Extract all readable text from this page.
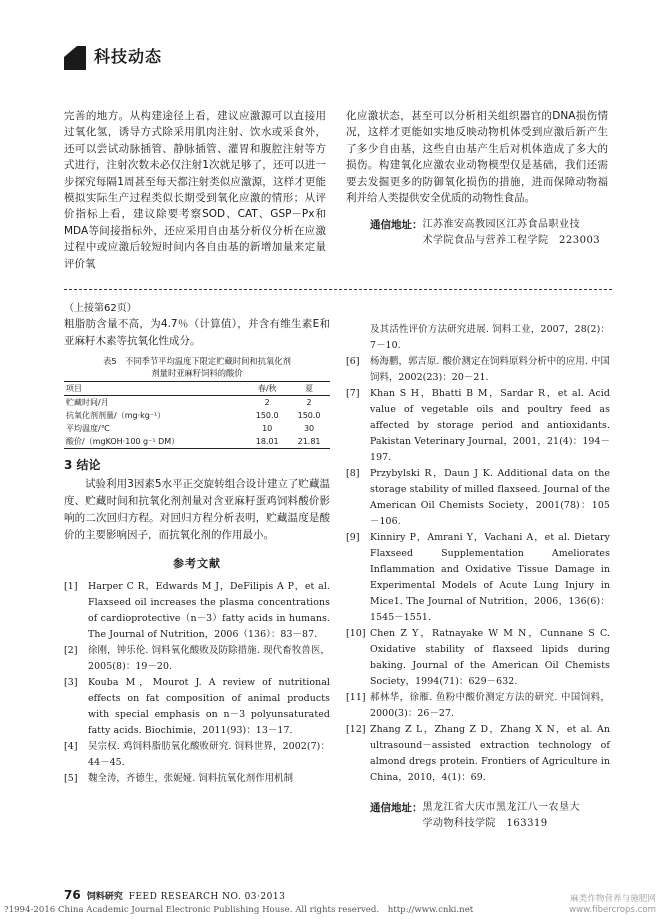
科技动态

完善的地方。从构建途径上看，建议应激源可以直接用过氧化氢，诱导方式除采用肌肉注射、饮水或采食外，还可以尝试动脉插管、静脉插管、灌胃和腹腔注射等方式进行，注射次数未必仅注射1次就足够了，还可以进一步探究每隔1周甚至每天都注射类似应激源，这样才更能模拟实际生产过程类似长期受到氧化应激的情形；从评价指标上看，建议除要考察SOD、CAT、GSP－Px和MDA等间接指标外，还应采用自由基分析仪分析在应激过程中或应激后较短时间内各自由基的新增加量来定量评价氧

化应激状态，甚至可以分析相关组织器官的DNA损伤情况，这样才更能如实地反映动物机体受到应激后新产生了多少自由基，这些自由基产生后对机体造成了多大的损伤。构建氧化应激农业动物模型仅是基础，我们还需要去发掘更多的防御氧化损伤的措施，进而保障动物福利并给人类提供安全优质的动物性食品。

通信地址： 江苏淮安高教园区江苏食品职业技
术学院食品与营养工程学院　223003
（上接第62页）

粗脂肪含量不高，为4.7％（计算值），并含有维生素E和亚麻籽木素等抗氧化性成分。

表5　不同季节平均温度下限定贮藏时间和抗氧化剂
剂量时亚麻籽饲料的酸价
项目	春/秋	夏
贮藏时间/月	2	2
抗氧化剂剂量/（mg·kg⁻¹）	150.0	150.0
平均温度/℃	10	30
酸价/（mgKOH·100 g⁻¹ DM）	18.01	21.81
3 结论

试验利用3因素5水平正交旋转组合设计建立了贮藏温度、贮藏时间和抗氧化剂剂量对含亚麻籽蛋鸡饲料酸价影响的二次回归方程。对回归方程分析表明，贮藏温度是酸价的主要影响因子，而抗氧化剂的作用最小。

参考文献

[1] Harper C R，Edwards M J，DeFilipis A P，et al. Flaxseed oil increases the plasma concentrations of cardioprotective（n－3）fatty acids in humans. The Journal of Nutrition，2006（136）：83－87.

[2] 徐刚，钟乐伦. 饲料氧化酸败及防除措施. 现代畜牧兽医，2005(8)：19－20.

[3] Kouba M，Mourot J. A review of nutritional effects on fat composition of animal products with special emphasis on n－3 polyunsaturated fatty acids. Biochimie，2011(93)：13－17.

[4] 吴宗权. 鸡饲料脂肪氧化酸败研究. 饲料世界，2002(7)：44－45.

[5] 魏全涛，齐德生，张妮娅. 饲料抗氧化剂作用机制

及其活性评价方法研究进展. 饲料工业，2007，28(2)：7－10.

[6] 杨海鹏，郭吉原. 酸价测定在饲料原料分析中的应用. 中国饲料，2002(23)：20－21.

[7] Khan S H，Bhatti B M，Sardar R，et al. Acid value of vegetable oils and poultry feed as affected by storage period and antioxidants. Pakistan Veterinary Journal，2001，21(4)：194－197.

[8] Przybylski R，Daun J K. Additional data on the storage stability of milled flaxseed. Journal of the American Oil Chemists Society，2001(78)：105－106.

[9] Kinniry P，Amrani Y，Vachani A，et al. Dietary Flaxseed Supplementation Ameliorates Inflammation and Oxidative Tissue Damage in Experimental Models of Acute Lung Injury in Mice1. The Journal of Nutrition，2006，136(6)：1545－1551.

[10] Chen Z Y，Ratnayake W M N，Cunnane S C. Oxidative stability of flaxseed lipids during baking. Journal of the American Oil Chemists Society，1994(71)：629－632.

[11] 郝林华，徐雁. 鱼粉中酸价测定方法的研究. 中国饲料，2000(3)：26－27.

[12] Zhang Z L，Zhang Z D，Zhang X N，et al. An ultrasound－assisted extraction technology of almond dregs protein. Frontiers of Agriculture in China，2010，4(1)：69.

通信地址： 黑龙江省大庆市黑龙江八一农垦大
学动物科技学院　163319
76 饲料研究 FEED RESEARCH NO. 03·2013
?1994-2016 China Academic Journal Electronic Publishing House. All rights reserved.　http://www.cnki.net
麻类作物营养与施肥网
www.fibercrops.com
